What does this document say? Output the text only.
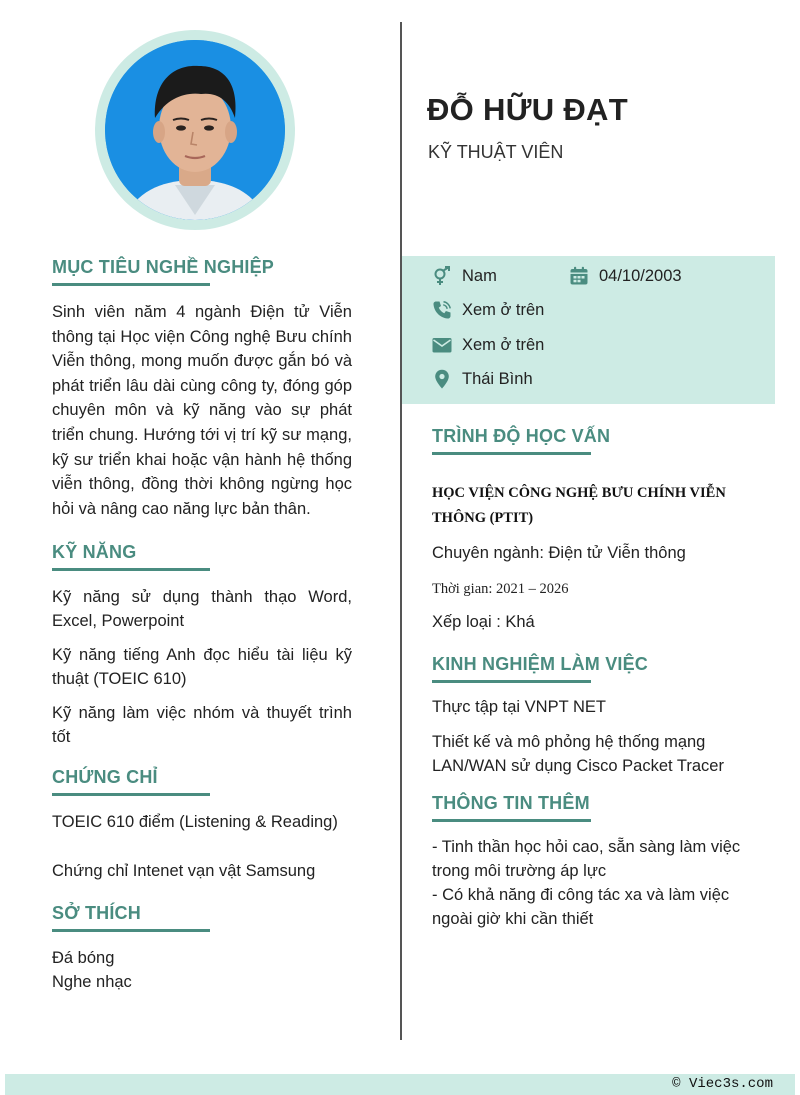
ĐỖ HỮU ĐẠT
KỸ THUẬT VIÊN
Nam	04/10/2003
Xem ở trên
Xem ở trên
Thái Bình
MỤC TIÊU NGHỀ NGHIỆP

Sinh viên năm 4 ngành Điện tử Viễn thông tại Học viện Công nghệ Bưu chính Viễn thông, mong muốn được gắn bó và phát triển lâu dài cùng công ty, đóng góp chuyên môn và kỹ năng vào sự phát triển chung. Hướng tới vị trí kỹ sư mạng, kỹ sư triển khai hoặc vận hành hệ thống viễn thông, đồng thời không ngừng học hỏi và nâng cao năng lực bản thân.

KỸ NĂNG

Kỹ năng sử dụng thành thạo Word, Excel, Powerpoint

Kỹ năng tiếng Anh đọc hiểu tài liệu kỹ thuật (TOEIC 610)

Kỹ năng làm việc nhóm và thuyết trình tốt

CHỨNG CHỈ

TOEIC 610 điểm (Listening & Reading)

Chứng chỉ Intenet vạn vật Samsung

SỞ THÍCH

Đá bóng

Nghe nhạc

TRÌNH ĐỘ HỌC VẤN

HỌC VIỆN CÔNG NGHỆ BƯU CHÍNH VIỄN THÔNG (PTIT)

Chuyên ngành: Điện tử Viễn thông

Thời gian: 2021 – 2026

Xếp loại : Khá

KINH NGHIỆM LÀM VIỆC

Thực tập tại VNPT NET

Thiết kế và mô phỏng hệ thống mạng LAN/WAN sử dụng Cisco Packet Tracer

THÔNG TIN THÊM

- Tinh thần học hỏi cao, sẵn sàng làm việc trong môi trường áp lực

- Có khả năng đi công tác xa và làm việc ngoài giờ khi cần thiết

© Viec3s.com
